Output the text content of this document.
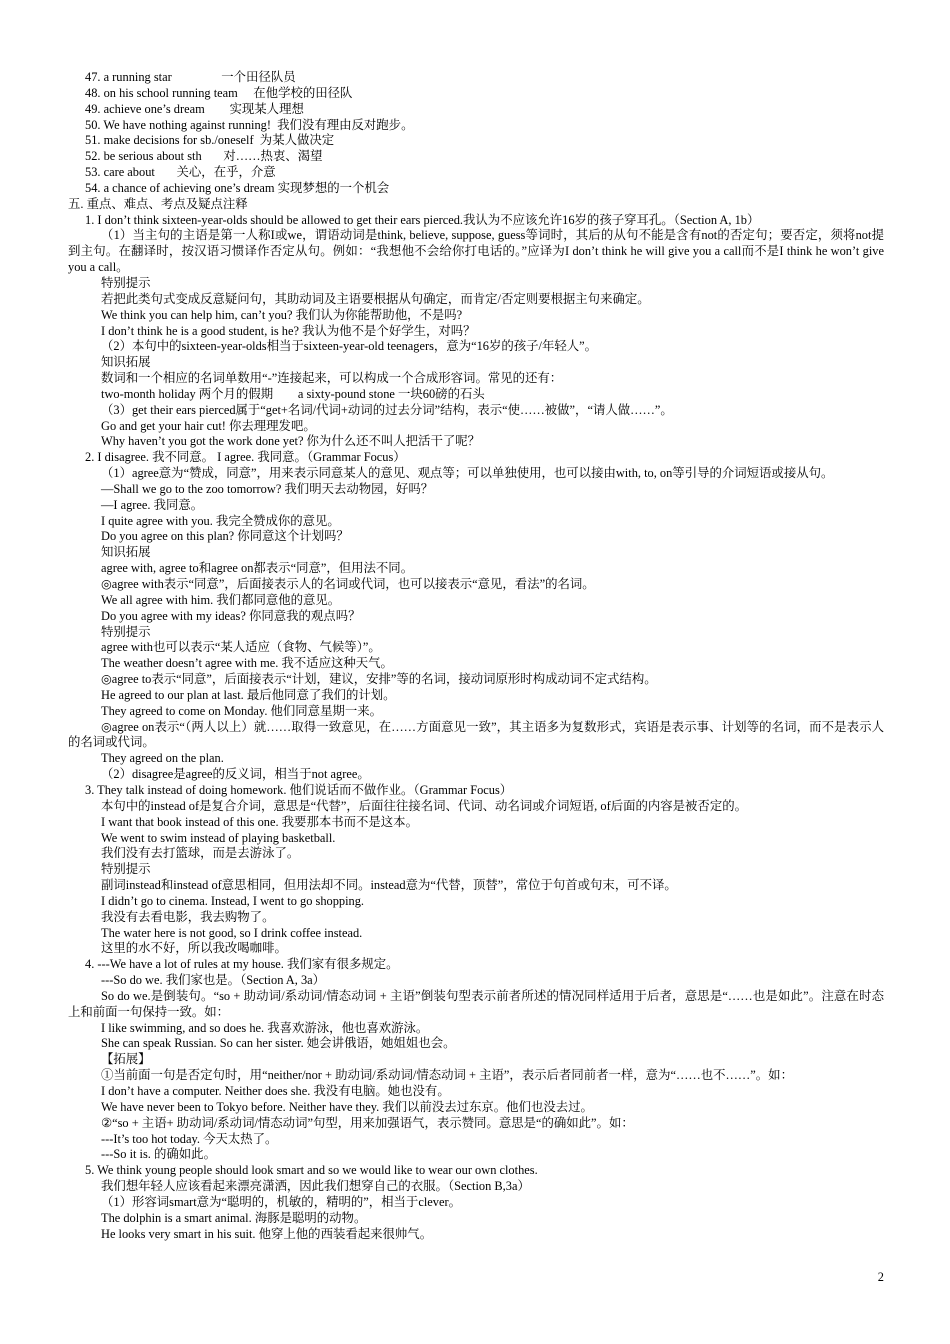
47. a running star                一个田径队员
48. on his school running team     在他学校的田径队
49. achieve one’s dream        实现某人理想
50. We have nothing against running!  我们没有理由反对跑步。
51. make decisions for sb./oneself  为某人做决定
52. be serious about sth       对……热衷、渴望
53. care about       关心，在乎，介意
54. a chance of achieving one’s dream 实现梦想的一个机会
五. 重点、难点、考点及疑点注释
1. I don’t think sixteen-year-olds should be allowed to get their ears pierced.我认为不应该允许16岁的孩子穿耳孔。（Section A, 1b）
（1）当主句的主语是第一人称I或we，谓语动词是think, believe, suppose, guess等词时，其后的从句不能是含有not的否定句；要否定，须将not提到主句。在翻译时，按汉语习惯译作否定从句。例如：“我想他不会给你打电话的。”应译为I don’t think he will give you a call而不是I think he won’t give you a call。
特别提示
若把此类句式变成反意疑问句，其助动词及主语要根据从句确定，而肯定/否定则要根据主句来确定。
We think you can help him, can’t you? 我们认为你能帮助他，不是吗?
I don’t think he is a good student, is he? 我认为他不是个好学生，对吗？
（2）本句中的sixteen-year-olds相当于sixteen-year-old teenagers，意为“16岁的孩子/年轻人”。
知识拓展
数词和一个相应的名词单数用“-”连接起来，可以构成一个合成形容词。常见的还有：
two-month holiday 两个月的假期        a sixty-pound stone 一块60磅的石头
（3）get their ears pierced属于“get+名词/代词+动词的过去分词”结构，表示“使……被做”，“请人做……”。
Go and get your hair cut! 你去理理发吧。
Why haven’t you got the work done yet? 你为什么还不叫人把活干了呢？
2. I disagree. 我不同意。 I agree. 我同意。（Grammar Focus）
（1）agree意为“赞成，同意”，用来表示同意某人的意见、观点等；可以单独使用，也可以接由with, to, on等引导的介词短语或接从句。
—Shall we go to the zoo tomorrow? 我们明天去动物园，好吗？
—I agree. 我同意。
I quite agree with you. 我完全赞成你的意见。
Do you agree on this plan? 你同意这个计划吗？
知识拓展
agree with, agree to和agree on都表示“同意”，但用法不同。
◎agree with表示“同意”，后面接表示人的名词或代词，也可以接表示“意见，看法”的名词。
We all agree with him. 我们都同意他的意见。
Do you agree with my ideas? 你同意我的观点吗？
特别提示
agree with也可以表示“某人适应（食物、气候等）”。
The weather doesn’t agree with me. 我不适应这种天气。
◎agree to表示“同意”，后面接表示“计划，建议，安排”等的名词，接动词原形时构成动词不定式结构。
He agreed to our plan at last. 最后他同意了我们的计划。
They agreed to come on Monday. 他们同意星期一来。
◎agree on表示“（两人以上）就……取得一致意见，在……方面意见一致”，其主语多为复数形式，宾语是表示事、计划等的名词，而不是表示人的名词或代词。
They agreed on the plan.
（2）disagree是agree的反义词，相当于not agree。
3. They talk instead of doing homework. 他们说话而不做作业。（Grammar Focus）
本句中的instead of是复合介词，意思是“代替”，后面往往接名词、代词、动名词或介词短语, of后面的内容是被否定的。
I want that book instead of this one. 我要那本书而不是这本。
We went to swim instead of playing basketball.
我们没有去打篮球，而是去游泳了。
特别提示
副词instead和instead of意思相同，但用法却不同。instead意为“代替，顶替”，常位于句首或句末，可不译。
I didn’t go to cinema. Instead, I went to go shopping.
我没有去看电影，我去购物了。
The water here is not good, so I drink coffee instead.
这里的水不好，所以我改喝咖啡。
4. ---We have a lot of rules at my house. 我们家有很多规定。
---So do we. 我们家也是。（Section A, 3a）
So do we.是倒装句。“so + 助动词/系动词/情态动词 + 主语”倒装句型表示前者所述的情况同样适用于后者，意思是“……也是如此”。注意在时态上和前面一句保持一致。如：
I like swimming, and so does he. 我喜欢游泳，他也喜欢游泳。
She can speak Russian. So can her sister. 她会讲俄语，她姐姐也会。
【拓展】
①当前面一句是否定句时，用“neither/nor + 助动词/系动词/情态动词 + 主语”，表示后者同前者一样，意为“……也不……”。如：
I don’t have a computer. Neither does she. 我没有电脑。她也没有。
We have never been to Tokyo before. Neither have they. 我们以前没去过东京。他们也没去过。
②“so + 主语+ 助动词/系动词/情态动词”句型，用来加强语气，表示赞同。意思是“的确如此”。如：
---It’s too hot today. 今天太热了。
---So it is. 的确如此。
5. We think young people should look smart and so we would like to wear our own clothes.
我们想年轻人应该看起来漂亮潇洒，因此我们想穿自己的衣服。（Section B,3a）
（1）形容词smart意为“聪明的，机敏的，精明的”，相当于clever。
The dolphin is a smart animal. 海豚是聪明的动物。
He looks very smart in his suit. 他穿上他的西装看起来很帅气。
2
